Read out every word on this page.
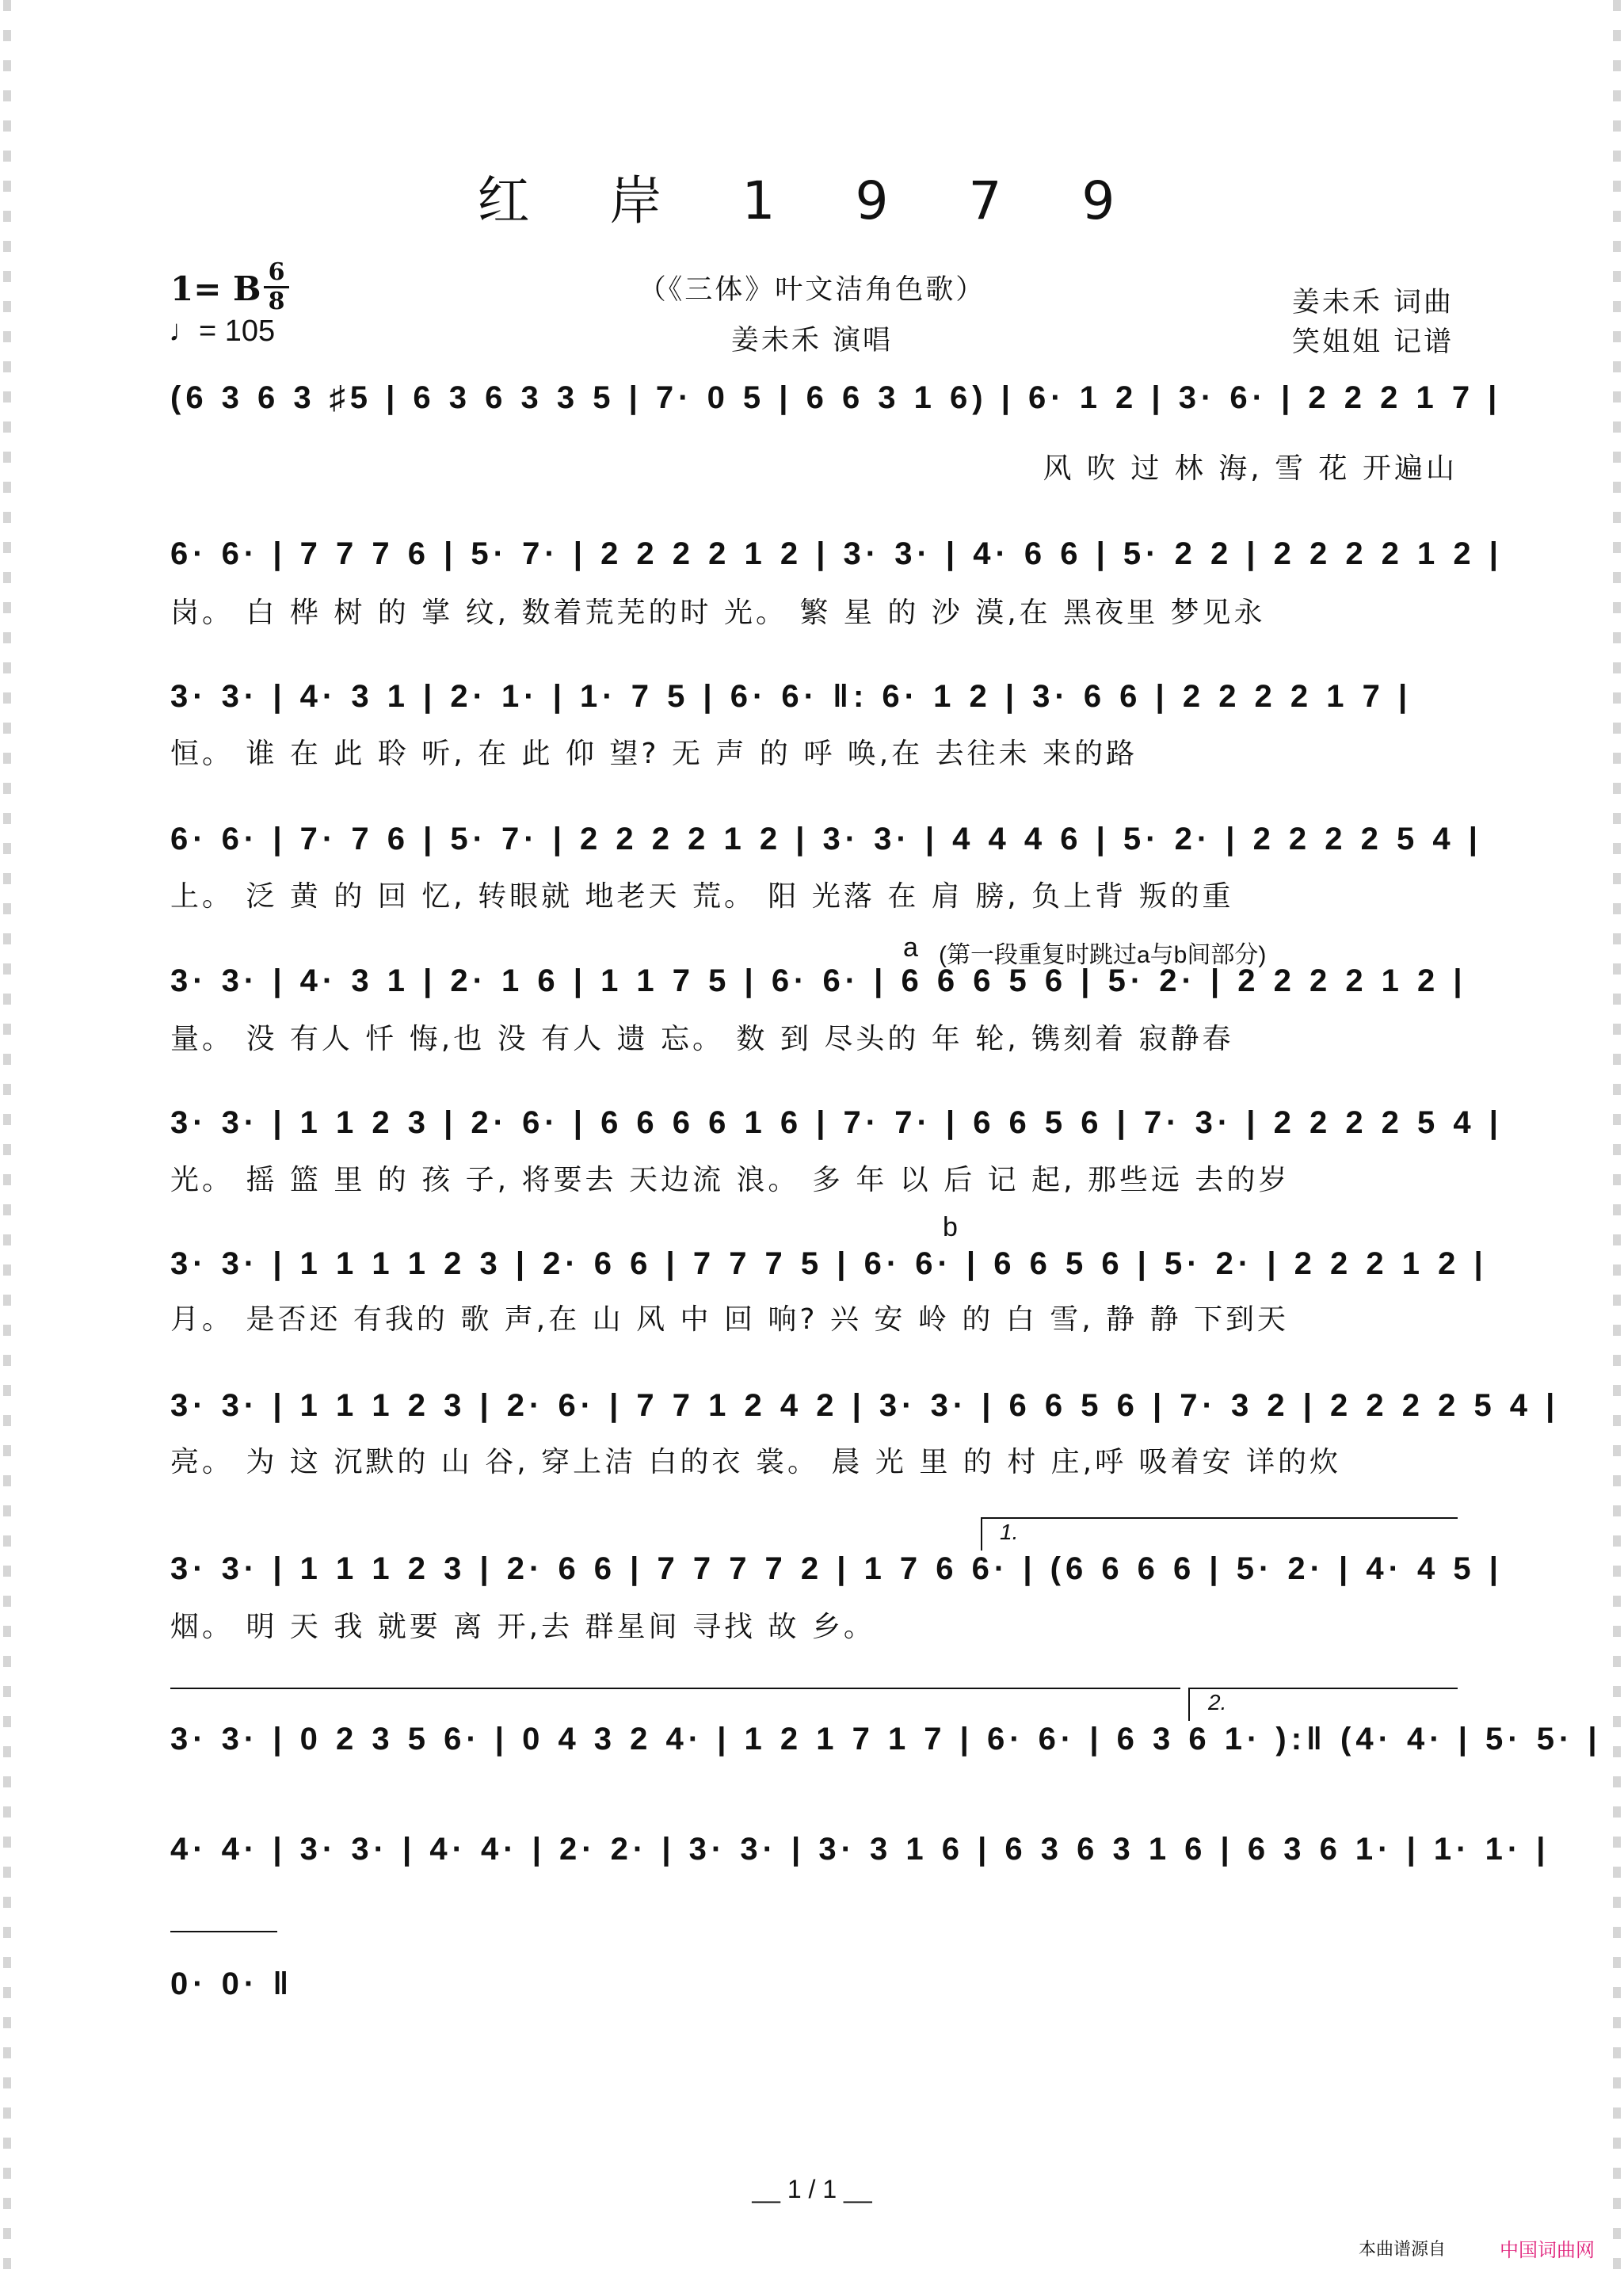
红 岸 1 9 7 9
（《三体》叶文洁角色歌）
姜未禾 演唱
1= B $\frac{6}{8}$
♩= 105
姜未禾 词曲
笑姐姐 记谱
(6 3 6 3 ♯5 | 6 3 6 3 3 5 | 7· 0 5 | 6 6 3 1 6) | 6· 1 2 | 3· 6· | 2 2 2 1 7 |
风 吹 过 林 海, 雪 花 开遍山
6· 6· | 7 7 7 6 | 5· 7· | 2 2 2 2 1 2 | 3· 3· | 4· 6 6 | 5· 2 2 | 2 2 2 2 1 2 |
岗。 白 桦 树 的 掌 纹, 数着荒芜的时 光。 繁 星 的 沙 漠,在 黑夜里 梦见永
3· 3· | 4· 3 1 | 2· 1· | 1· 7 5 | 6· 6· ‖: 6· 1 2 | 3· 6 6 | 2 2 2 2 1 7 |
恒。 谁 在 此 聆 听, 在 此 仰 望? 无 声 的 呼 唤,在 去往未 来的路
6· 6· | 7· 7 6 | 5· 7· | 2 2 2 2 1 2 | 3· 3· | 4 4 4 6 | 5· 2· | 2 2 2 2 5 4 |
上。 泛 黄 的 回 忆, 转眼就 地老天 荒。 阳 光落 在 肩 膀, 负上背 叛的重
a (第一段重复时跳过a与b间部分)
3· 3· | 4· 3 1 | 2· 1 6 | 1 1 7 5 | 6· 6· | 6 6 6 5 6 | 5· 2· | 2 2 2 2 1 2 |
量。 没 有人 忏 悔,也 没 有人 遗 忘。 数 到 尽头的 年 轮, 镌刻着 寂静春
3· 3· | 1 1 2 3 | 2· 6· | 6 6 6 6 1 6 | 7· 7· | 6 6 5 6 | 7· 3· | 2 2 2 2 5 4 |
光。 摇 篮 里 的 孩 子, 将要去 天边流 浪。 多 年 以 后 记 起, 那些远 去的岁
b
3· 3· | 1 1 1 1 2 3 | 2· 6 6 | 7 7 7 5 | 6· 6· | 6 6 5 6 | 5· 2· | 2 2 2 1 2 |
月。 是否还 有我的 歌 声,在 山 风 中 回 响? 兴 安 岭 的 白 雪, 静 静 下到天
3· 3· | 1 1 1 2 3 | 2· 6· | 7 7 1 2 4 2 | 3· 3· | 6 6 5 6 | 7· 3 2 | 2 2 2 2 5 4 |
亮。 为 这 沉默的 山 谷, 穿上洁 白的衣 裳。 晨 光 里 的 村 庄,呼 吸着安 详的炊
1.
3· 3· | 1 1 1 2 3 | 2· 6 6 | 7 7 7 7 2 | 1 7 6 6· | (6 6 6 6 | 5· 2· | 4· 4 5 |
烟。 明 天 我 就要 离 开,去 群星间 寻找 故 乡。
2.
3· 3· | 0 2 3 5 6· | 0 4 3 2 4· | 1 2 1 7 1 7 | 6· 6· | 6 3 6 1· ):‖ (4· 4· | 5· 5· |
4· 4· | 3· 3· | 4· 4· | 2· 2· | 3· 3· | 3· 3 1 6 | 6 3 6 3 1 6 | 6 3 6 1· | 1· 1· |
0· 0· ‖
__ 1 / 1 __
本曲谱源自	中国词曲网
